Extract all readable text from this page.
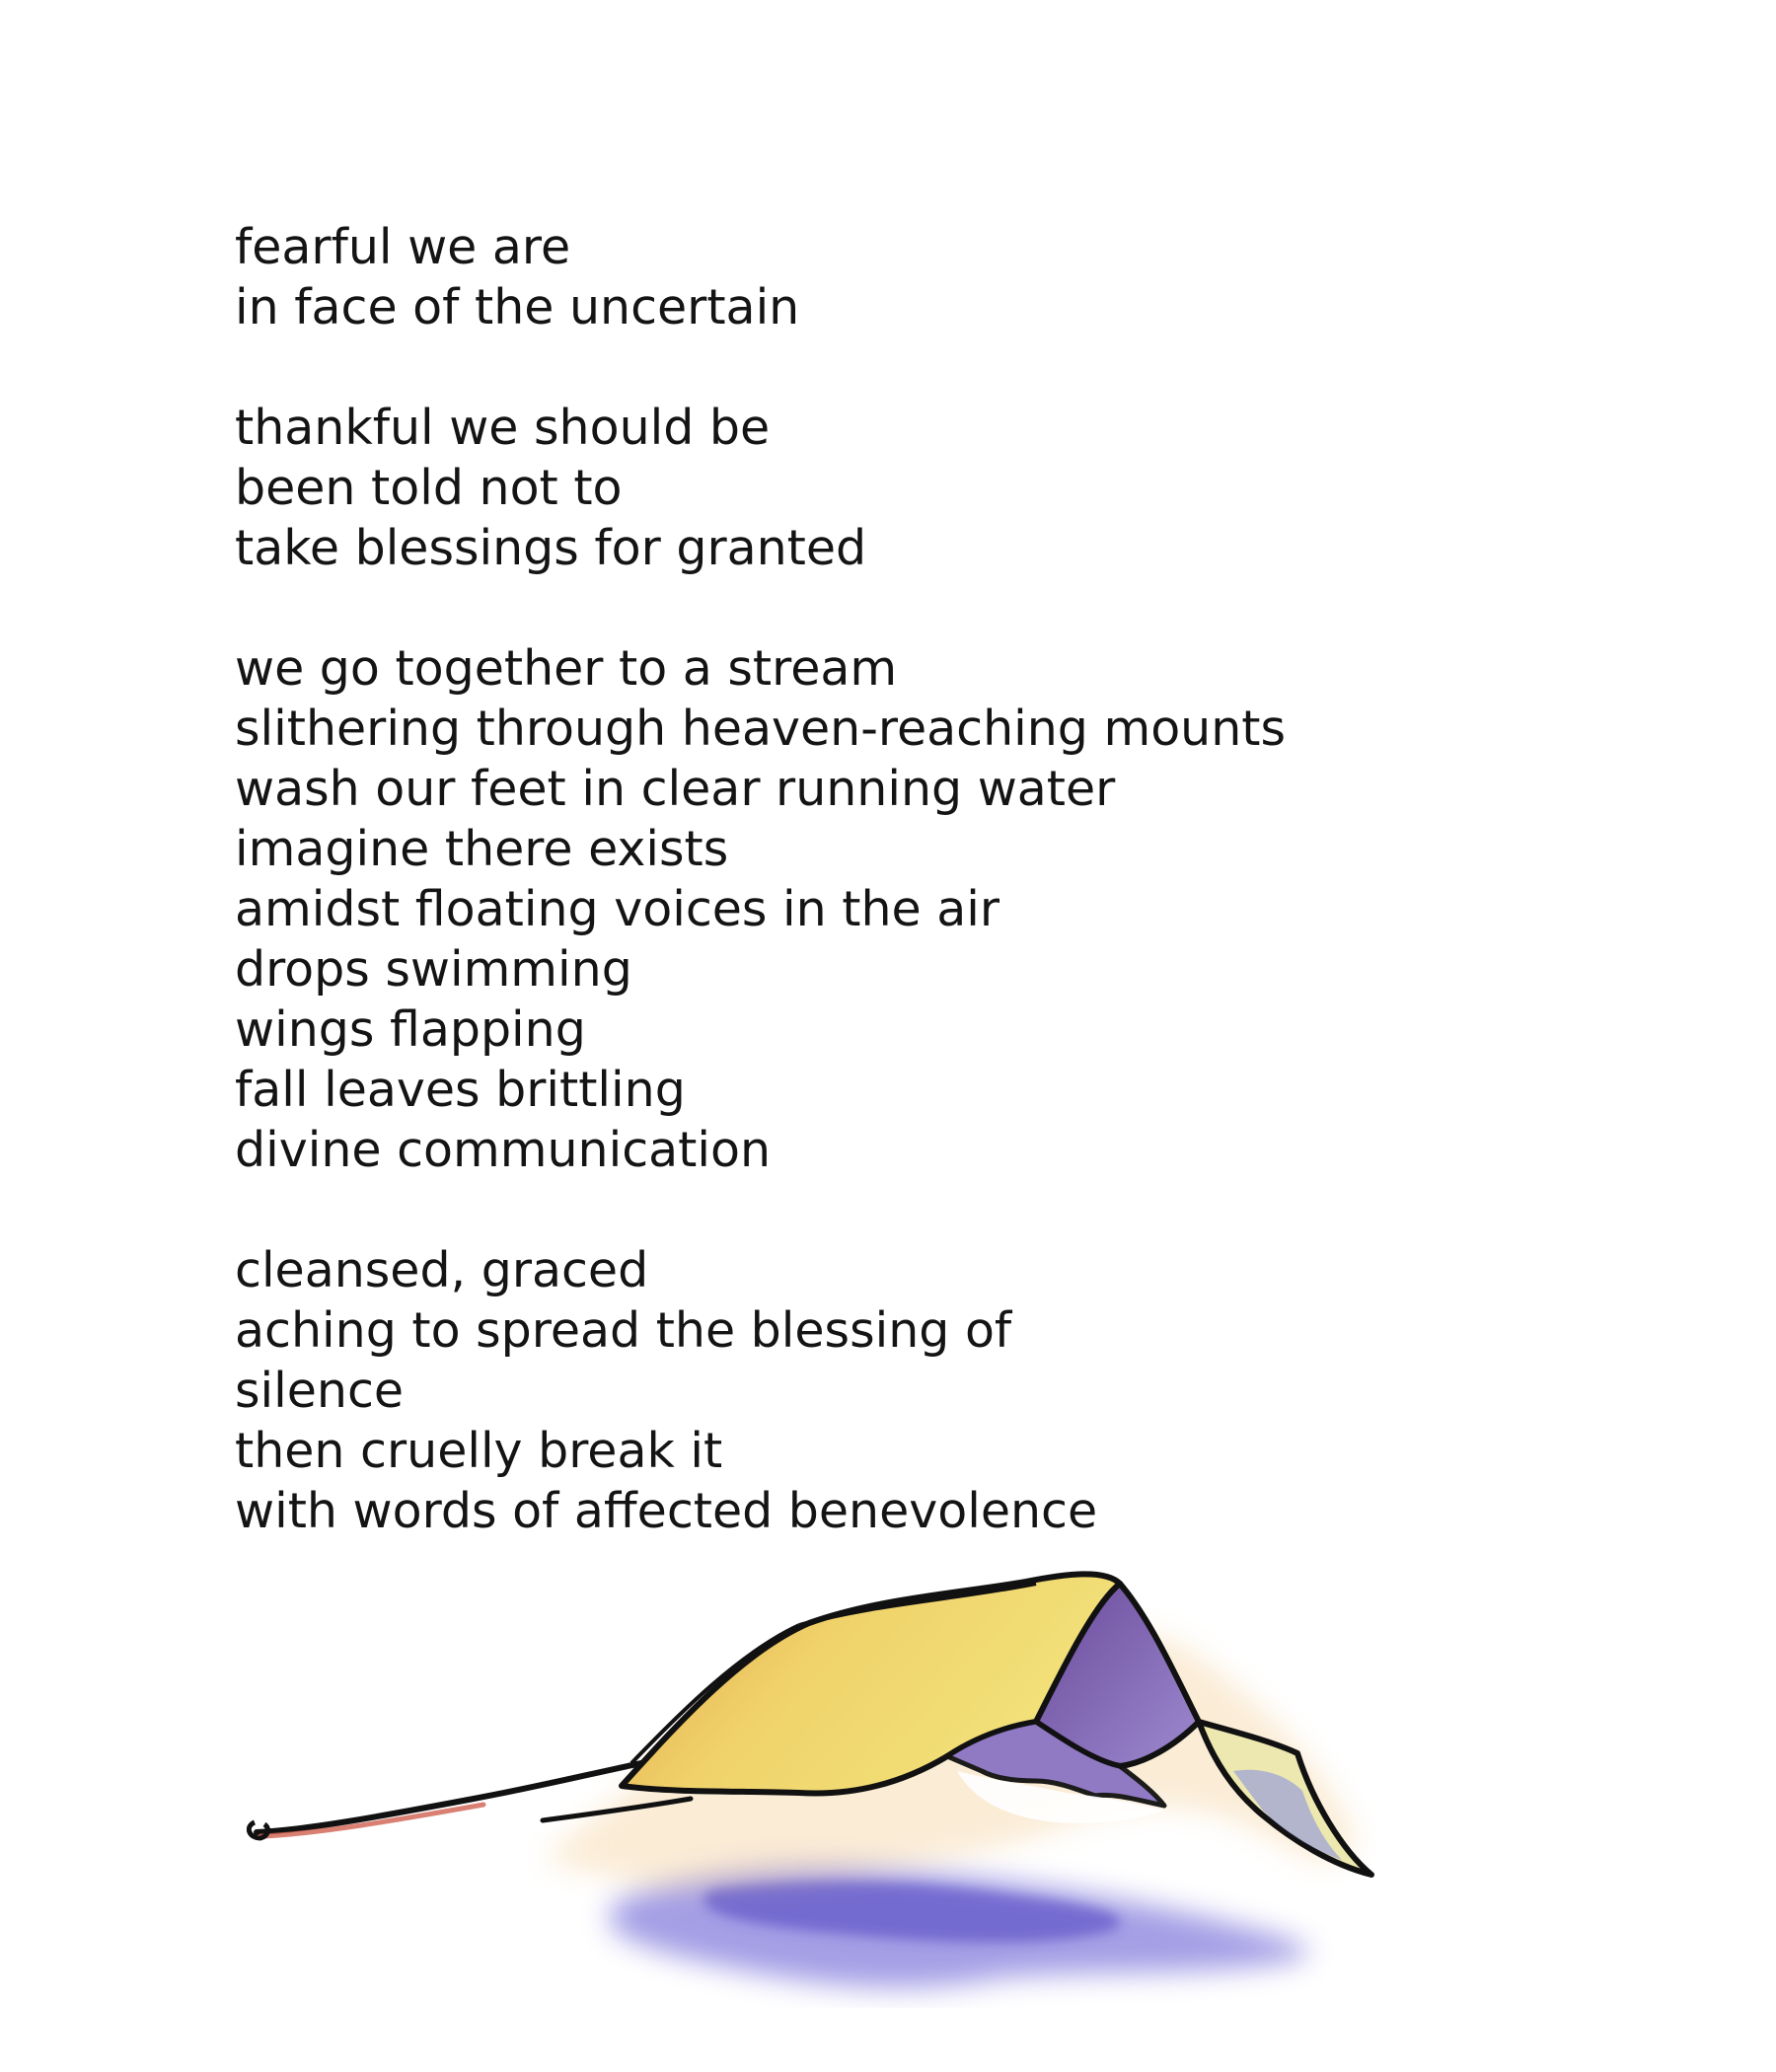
fearful we are
in face of the uncertain
thankful we should be
been told not to
take blessings for granted
we go together to a stream
slithering through heaven-reaching mounts
wash our feet in clear running water
imagine there exists
amidst floating voices in the air
drops swimming
wings flapping
fall leaves brittling
divine communication
cleansed, graced
aching to spread the blessing of
silence
then cruelly break it
with words of affected benevolence
